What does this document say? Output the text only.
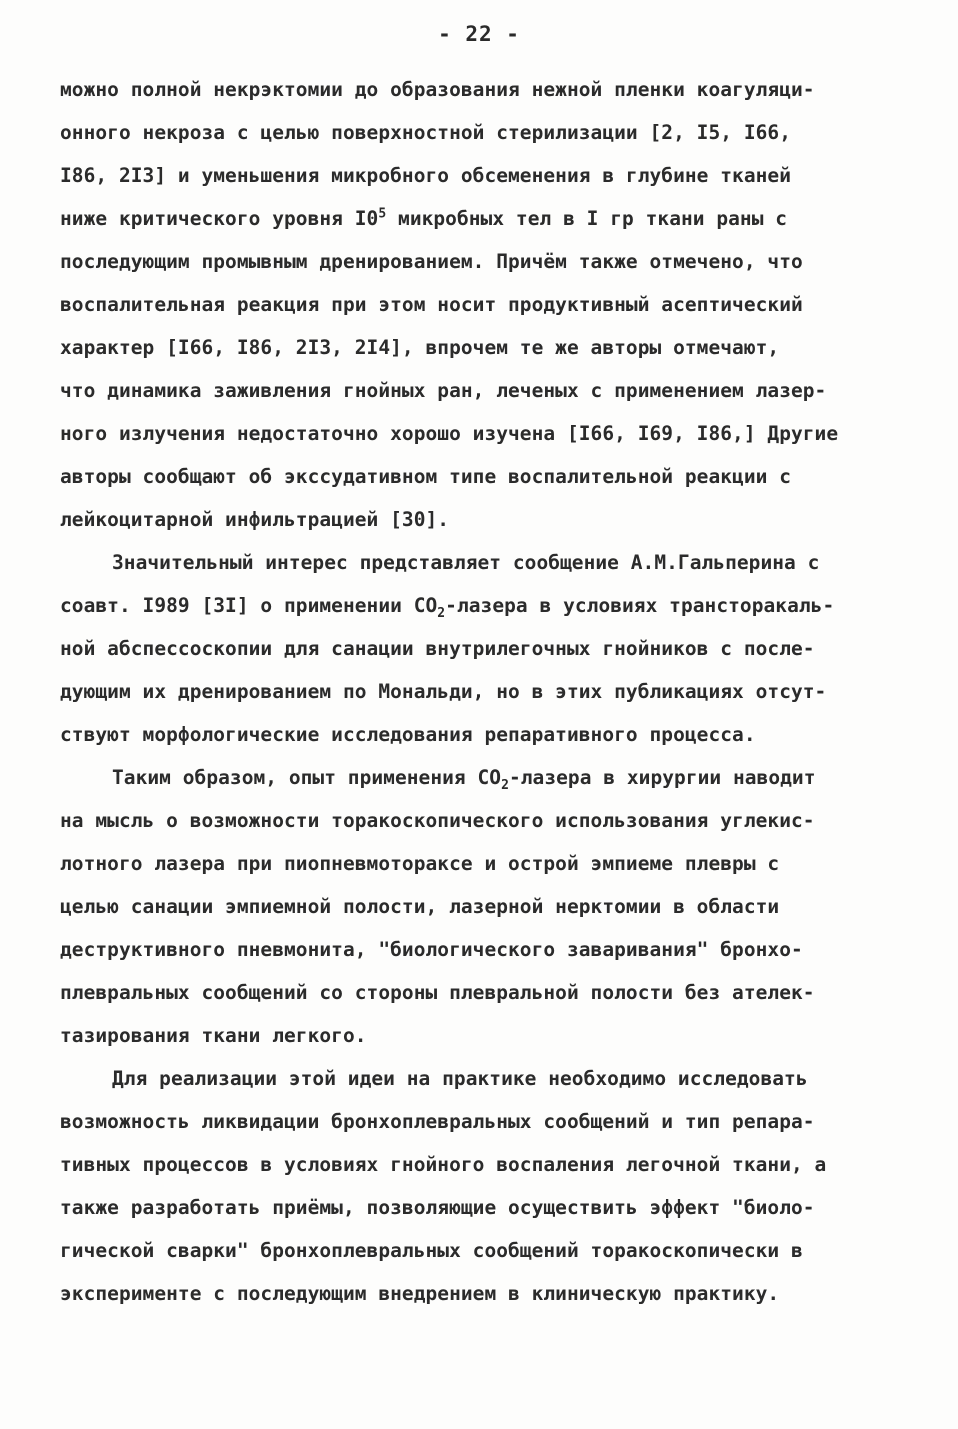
- 22 -
можно полной некрэктомии до образования нежной пленки коагуляци-
онного некроза с целью поверхностной стерилизации [2, I5, I66,
I86, 2I3] и уменьшения микробного обсеменения в глубине тканей
ниже критического уровня $I0^5$ микробных тел в I гр ткани раны с
последующим промывным дренированием. Причём также отмечено, что
воспалительная реакция при этом носит продуктивный асептический
характер [I66, I86, 2I3, 2I4], впрочем те же авторы отмечают,
что динамика заживления гнойных ран, леченых с применением лазер-
ного излучения недостаточно хорошо изучена [I66, I69, I86,] Другие
авторы сообщают об экссудативном типе воспалительной реакции с
лейкоцитарной инфильтрацией [30].
Значительный интерес представляет сообщение А.М.Гальперина с
соавт. I989 [3I] о применении $CO_2$-лазера в условиях трансторакаль-
ной абспессоскопии для санации внутрилегочных гнойников с после-
дующим их дренированием по Мональди, но в этих публикациях отсут-
ствуют морфологические исследования репаративного процесса.
Таким образом, опыт применения $CO_2$-лазера в хирургии наводит
на мысль о возможности торакоскопического использования углекис-
лотного лазера при пиопневмотораксе и острой эмпиеме плевры с
целью санации эмпиемной полости, лазерной нерктомии в области
деструктивного пневмонита, "биологического заваривания" бронхо-
плевральных сообщений со стороны плевральной полости без ателек-
тазирования ткани легкого.
Для реализации этой идеи на практике необходимо исследовать
возможность ликвидации бронхоплевральных сообщений и тип репара-
тивных процессов в условиях гнойного воспаления легочной ткани, а
также разработать приёмы, позволяющие осуществить эффект "биоло-
гической сварки" бронхоплевральных сообщений торакоскопически в
эксперименте с последующим внедрением в клиническую практику.
